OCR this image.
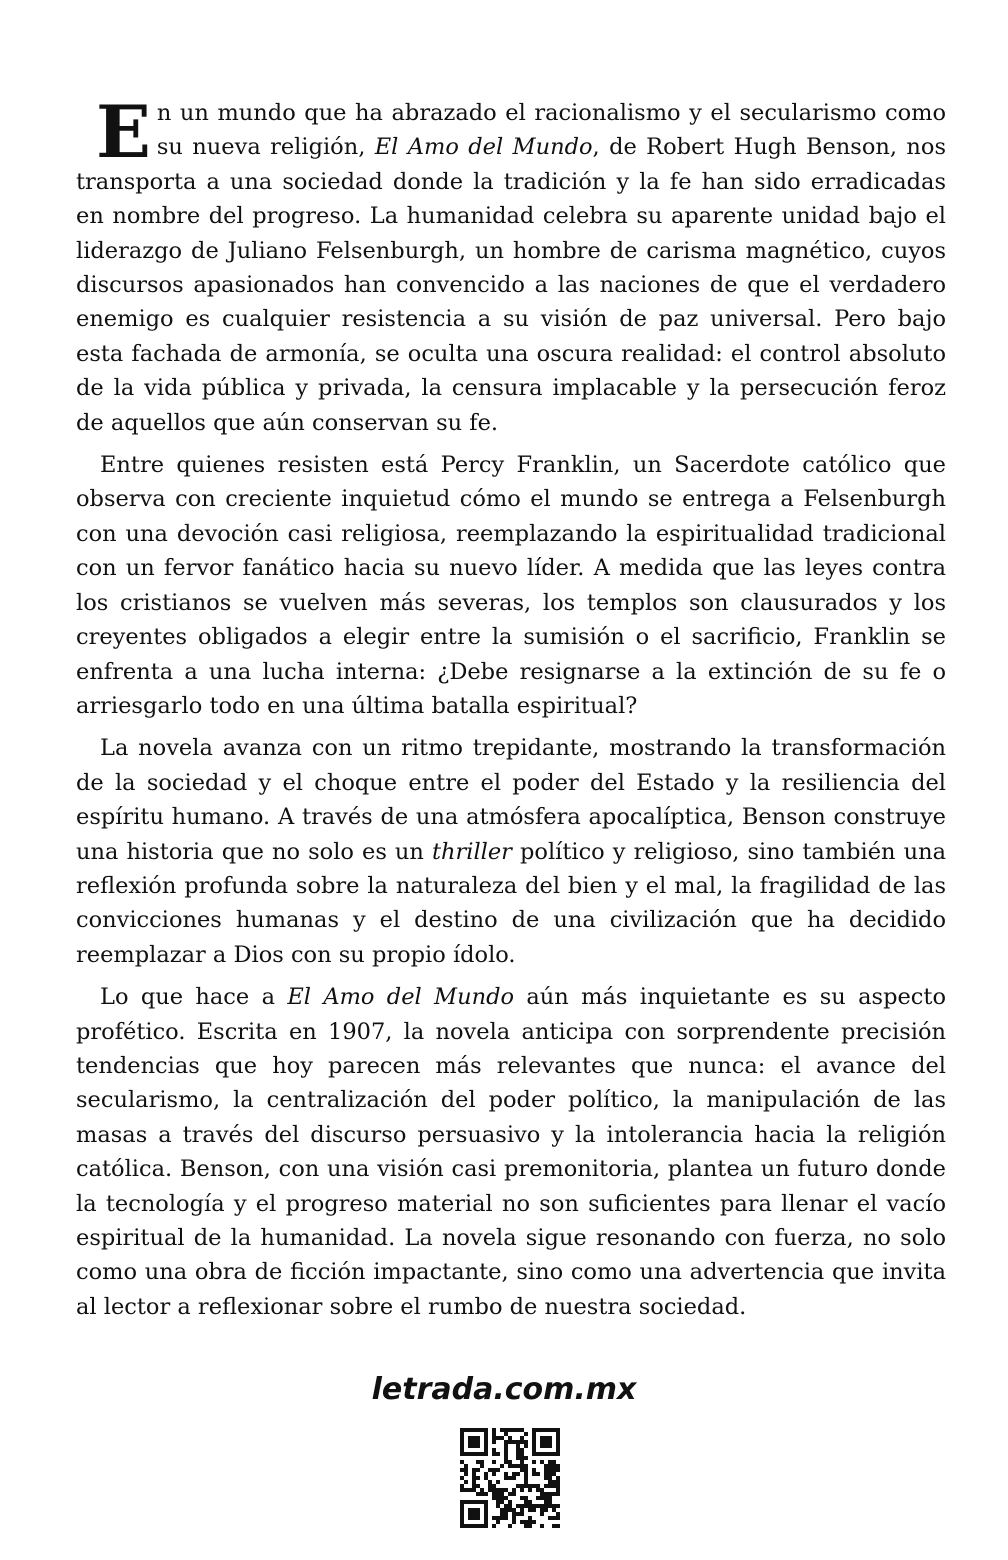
En un mundo que ha abrazado el racionalismo y el secularismo como su nueva religión, El Amo del Mundo, de Robert Hugh Benson, nos transporta a una sociedad donde la tradición y la fe han sido erradicadas en nombre del progreso. La humanidad celebra su aparente unidad bajo el liderazgo de Juliano Felsenburgh, un hombre de carisma magnético, cuyos discursos apasionados han convencido a las naciones de que el verdadero enemigo es cualquier resistencia a su visión de paz universal. Pero bajo esta fachada de armonía, se oculta una oscura realidad: el control absoluto de la vida pública y privada, la censura implacable y la persecución feroz de aquellos que aún conservan su fe.

Entre quienes resisten está Percy Franklin, un Sacerdote católico que observa con creciente inquietud cómo el mundo se entrega a Felsenburgh con una devoción casi religiosa, reemplazando la espiritualidad tradicional con un fervor fanático hacia su nuevo líder. A medida que las leyes contra los cristianos se vuelven más severas, los templos son clausurados y los creyentes obligados a elegir entre la sumisión o el sacrificio, Franklin se enfrenta a una lucha interna: ¿Debe resignarse a la extinción de su fe o arriesgarlo todo en una última batalla espiritual?

La novela avanza con un ritmo trepidante, mostrando la transformación de la sociedad y el choque entre el poder del Estado y la resiliencia del espíritu humano. A través de una atmósfera apocalíptica, Benson construye una historia que no solo es un thriller político y religioso, sino también una reflexión profunda sobre la naturaleza del bien y el mal, la fragilidad de las convicciones humanas y el destino de una civilización que ha decidido reemplazar a Dios con su propio ídolo.

Lo que hace a El Amo del Mundo aún más inquietante es su aspecto profético. Escrita en 1907, la novela anticipa con sorprendente precisión tendencias que hoy parecen más relevantes que nunca: el avance del secularismo, la centralización del poder político, la manipulación de las masas a través del discurso persuasivo y la intolerancia hacia la religión católica. Benson, con una visión casi premonitoria, plantea un futuro donde la tecnología y el progreso material no son suficientes para llenar el vacío espiritual de la humanidad. La novela sigue resonando con fuerza, no solo como una obra de ficción impactante, sino como una advertencia que invita al lector a reflexionar sobre el rumbo de nuestra sociedad.

letrada.com.mx
